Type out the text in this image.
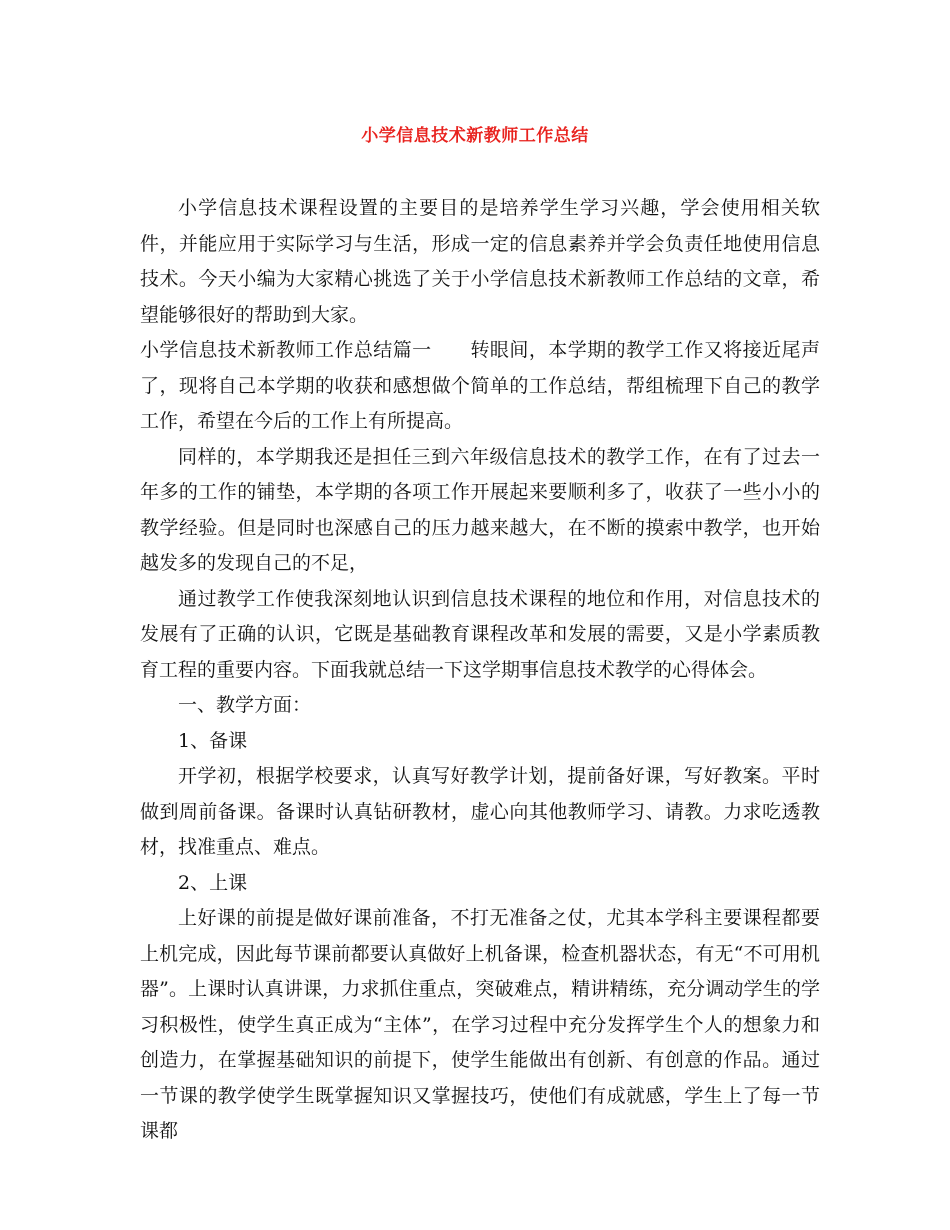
小学信息技术新教师工作总结

小学信息技术课程设置的主要目的是培养学生学习兴趣，学会使用相关软件，并能应用于实际学习与生活，形成一定的信息素养并学会负责任地使用信息技术。今天小编为大家精心挑选了关于小学信息技术新教师工作总结的文章，希望能够很好的帮助到大家。

小学信息技术新教师工作总结篇一　　转眼间，本学期的教学工作又将接近尾声了，现将自己本学期的收获和感想做个简单的工作总结，帮组梳理下自己的教学工作，希望在今后的工作上有所提高。

同样的，本学期我还是担任三到六年级信息技术的教学工作，在有了过去一年多的工作的铺垫，本学期的各项工作开展起来要顺利多了，收获了一些小小的教学经验。但是同时也深感自己的压力越来越大，在不断的摸索中教学，也开始越发多的发现自己的不足，

通过教学工作使我深刻地认识到信息技术课程的地位和作用，对信息技术的发展有了正确的认识，它既是基础教育课程改革和发展的需要，又是小学素质教育工程的重要内容。下面我就总结一下这学期事信息技术教学的心得体会。

一、教学方面：

1、备课

开学初，根据学校要求，认真写好教学计划，提前备好课，写好教案。平时做到周前备课。备课时认真钻研教材，虚心向其他教师学习、请教。力求吃透教材，找准重点、难点。

2、上课

上好课的前提是做好课前准备，不打无准备之仗，尤其本学科主要课程都要上机完成，因此每节课前都要认真做好上机备课，检查机器状态，有无“不可用机器”。上课时认真讲课，力求抓住重点，突破难点，精讲精练，充分调动学生的学习积极性，使学生真正成为“主体”，在学习过程中充分发挥学生个人的想象力和创造力，在掌握基础知识的前提下，使学生能做出有创新、有创意的作品。通过一节课的教学使学生既掌握知识又掌握技巧，使他们有成就感，学生上了每一节课都
